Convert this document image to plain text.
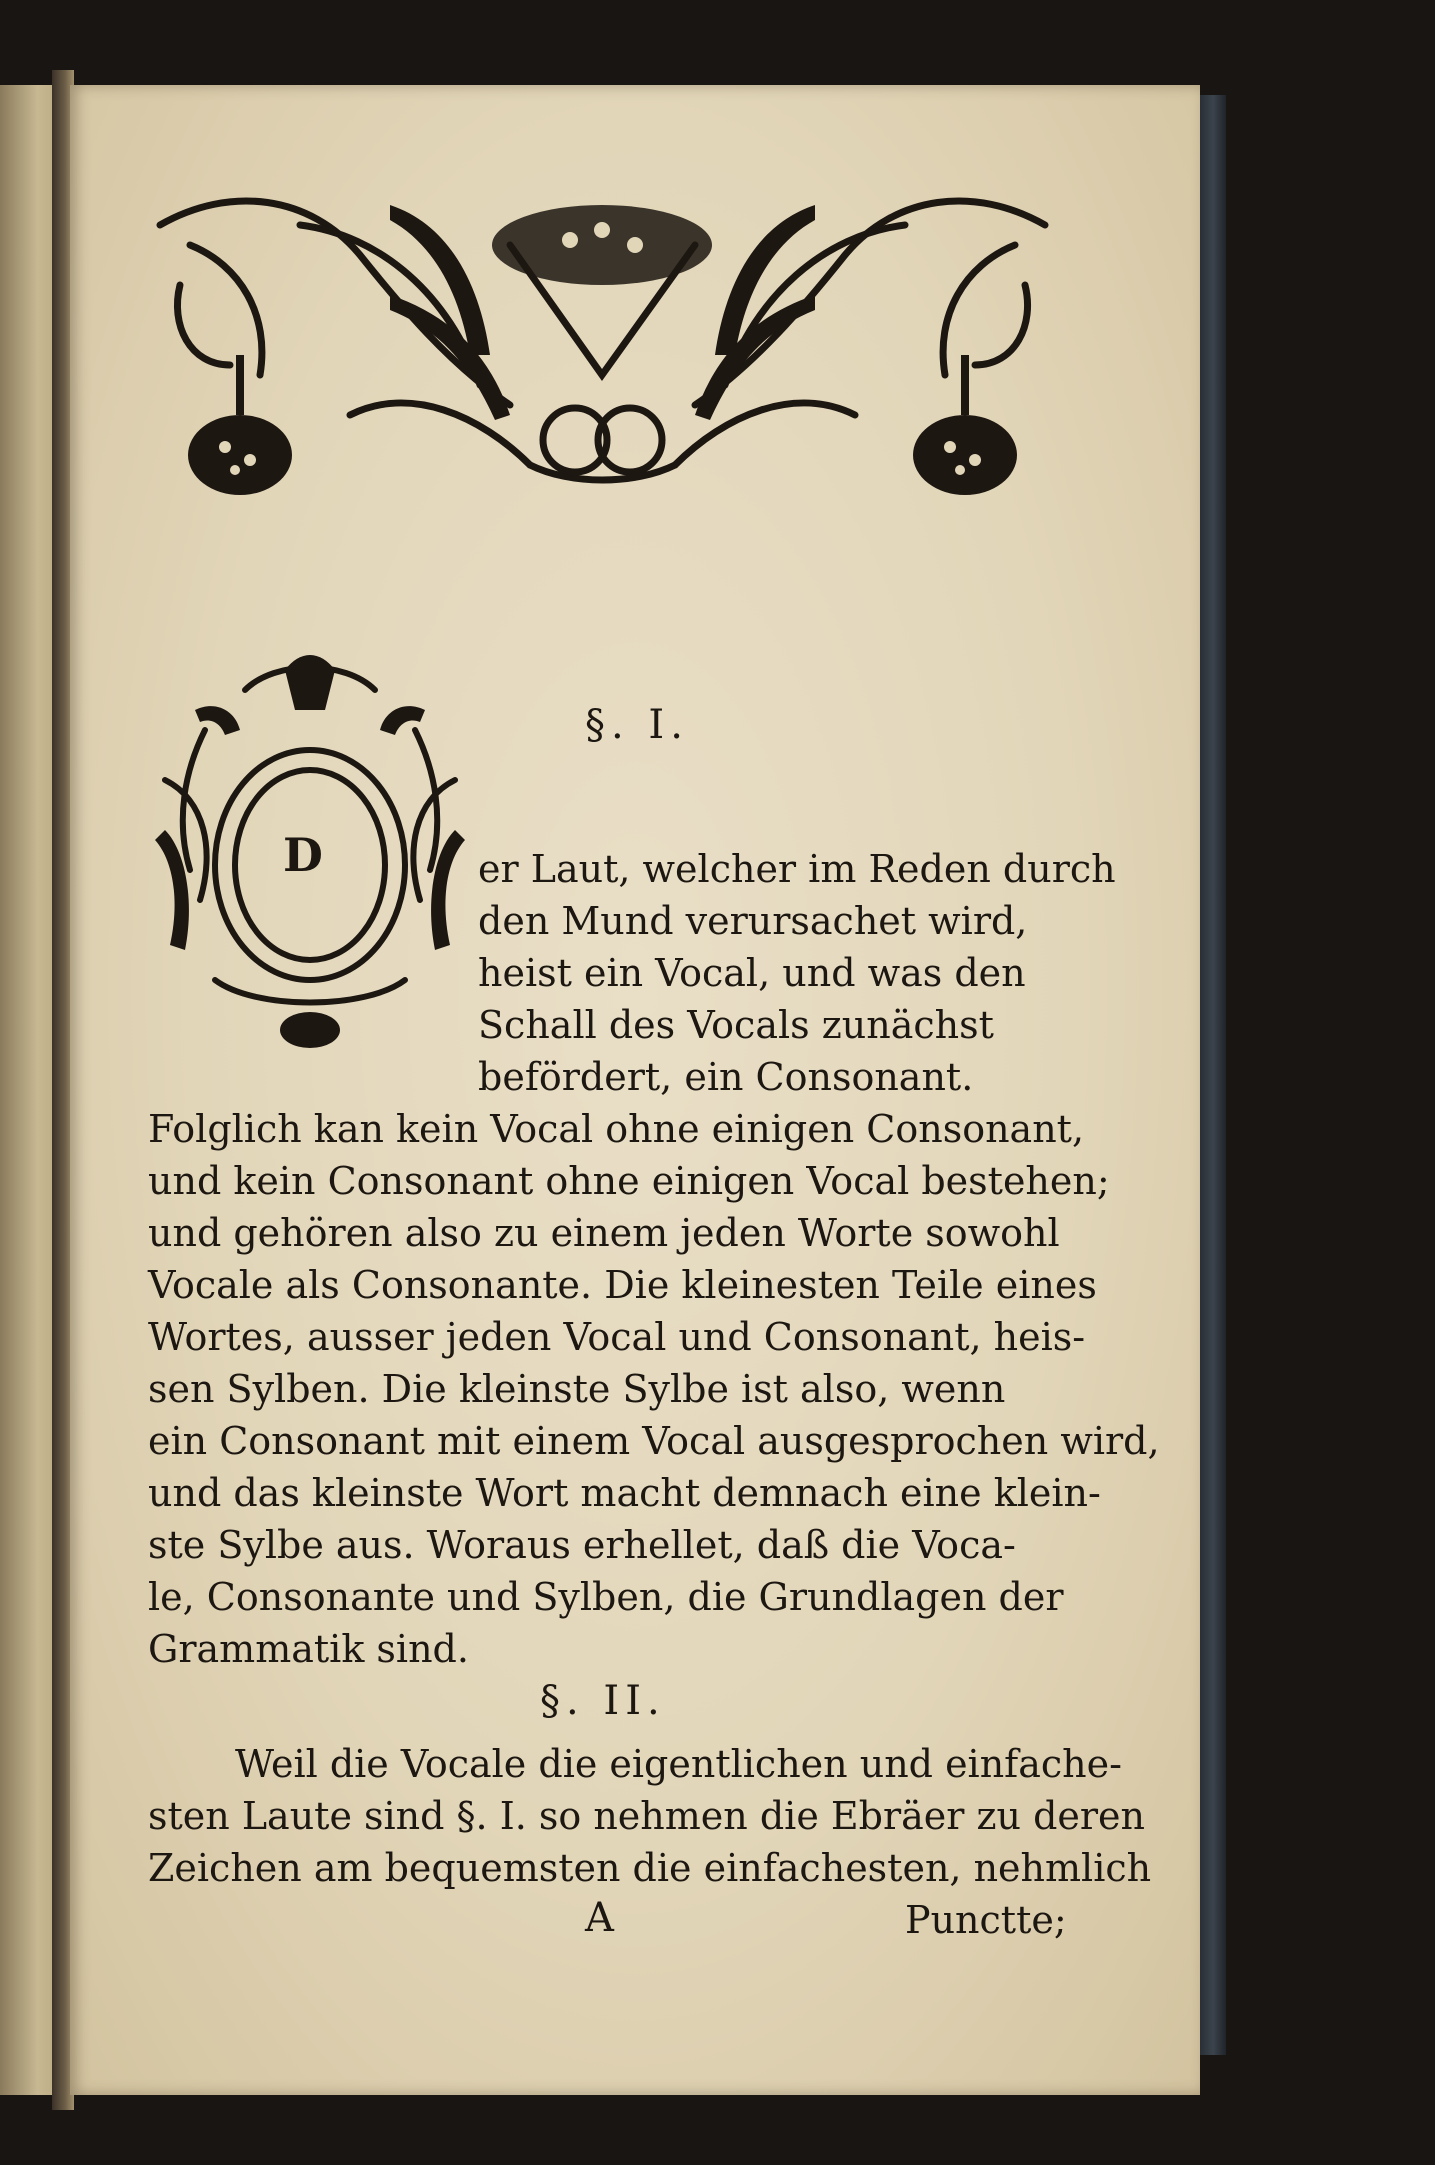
§. I.
D	er Laut, welcher im Reden durch
den Mund verursachet wird,
heist ein Vocal, und was den
Schall des Vocals zunächst
befördert, ein Consonant.
Folglich kan kein Vocal ohne einigen Consonant,
und kein Consonant ohne einigen Vocal bestehen;
und gehören also zu einem jeden Worte sowohl
Vocale als Consonante. Die kleinesten Teile eines
Wortes, ausser jeden Vocal und Consonant, heis-
sen Sylben. Die kleinste Sylbe ist also, wenn
ein Consonant mit einem Vocal ausgesprochen wird,
und das kleinste Wort macht demnach eine klein-
ste Sylbe aus. Woraus erhellet, daß die Voca-
le, Consonante und Sylben, die Grundlagen der
Grammatik sind.
§. II.
Weil die Vocale die eigentlichen und einfache-
sten Laute sind §. I. so nehmen die Ebräer zu deren
Zeichen am bequemsten die einfachesten, nehmlich
A	Punctte;
